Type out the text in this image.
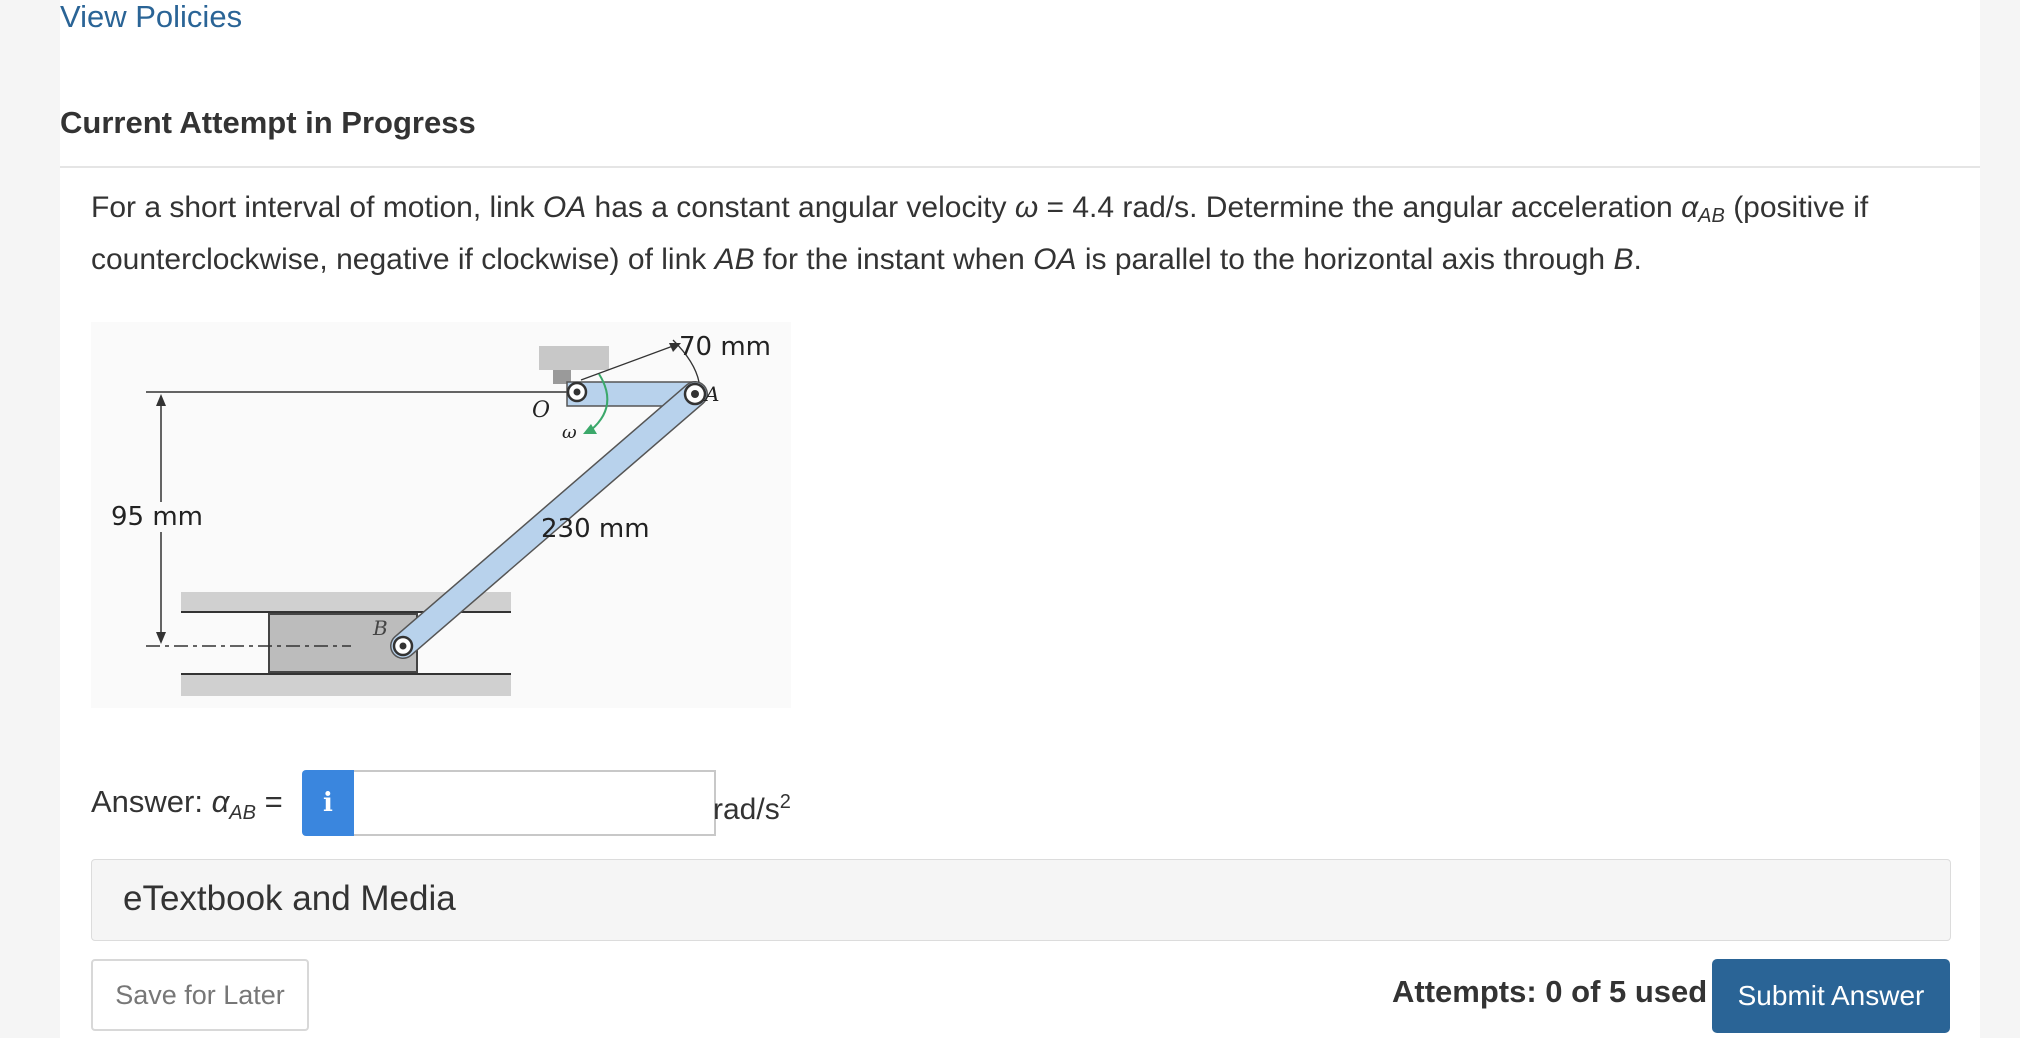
View Policies
Current Attempt in Progress
For a short interval of motion, link OA has a constant angular velocity ω = 4.4 rad/s. Determine the angular acceleration $\alpha_{AB}$ (positive if counterclockwise, negative if clockwise) of link AB for the instant when OA is parallel to the horizontal axis through B.
70 mm
95 mm	230 mm
O
A
B
ω
Answer: $\alpha_{AB}$ =	i	rad/$s^2$
eTextbook and Media
Save for Later	Attempts: 0 of 5 used	Submit Answer
